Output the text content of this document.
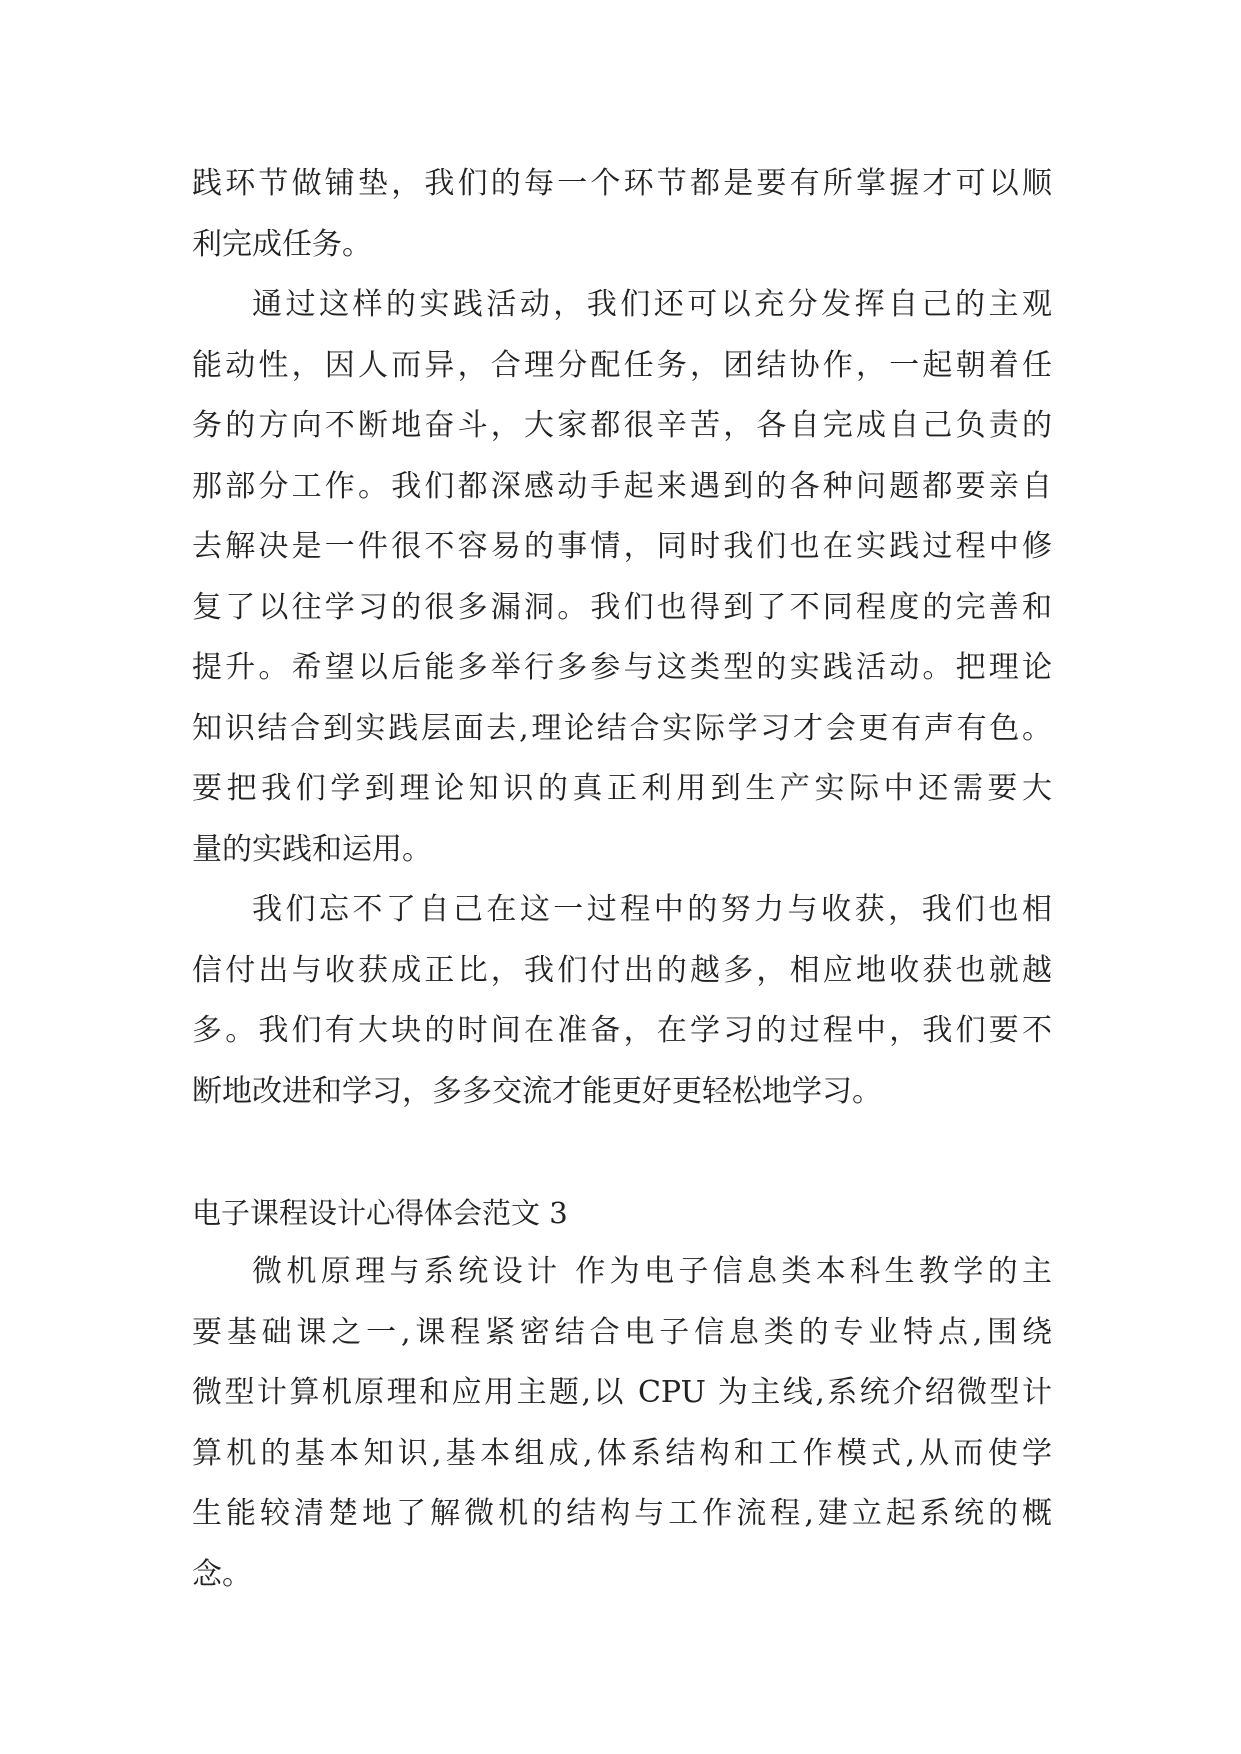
践环节做铺垫，我们的每一个环节都是要有所掌握才可以顺
利完成任务。
通过这样的实践活动，我们还可以充分发挥自己的主观
能动性，因人而异，合理分配任务，团结协作，一起朝着任
务的方向不断地奋斗，大家都很辛苦，各自完成自己负责的
那部分工作。我们都深感动手起来遇到的各种问题都要亲自
去解决是一件很不容易的事情，同时我们也在实践过程中修
复了以往学习的很多漏洞。我们也得到了不同程度的完善和
提升。希望以后能多举行多参与这类型的实践活动。把理论
知识结合到实践层面去,理论结合实际学习才会更有声有色。
要把我们学到理论知识的真正利用到生产实际中还需要大
量的实践和运用。
我们忘不了自己在这一过程中的努力与收获，我们也相
信付出与收获成正比，我们付出的越多，相应地收获也就越
多。我们有大块的时间在准备，在学习的过程中，我们要不
断地改进和学习，多多交流才能更好更轻松地学习。
电子课程设计心得体会范文 3
微机原理与系统设计 作为电子信息类本科生教学的主
要基础课之一,课程紧密结合电子信息类的专业特点,围绕
微型计算机原理和应用主题,以 CPU 为主线,系统介绍微型计
算机的基本知识,基本组成,体系结构和工作模式,从而使学
生能较清楚地了解微机的结构与工作流程,建立起系统的概
念。
